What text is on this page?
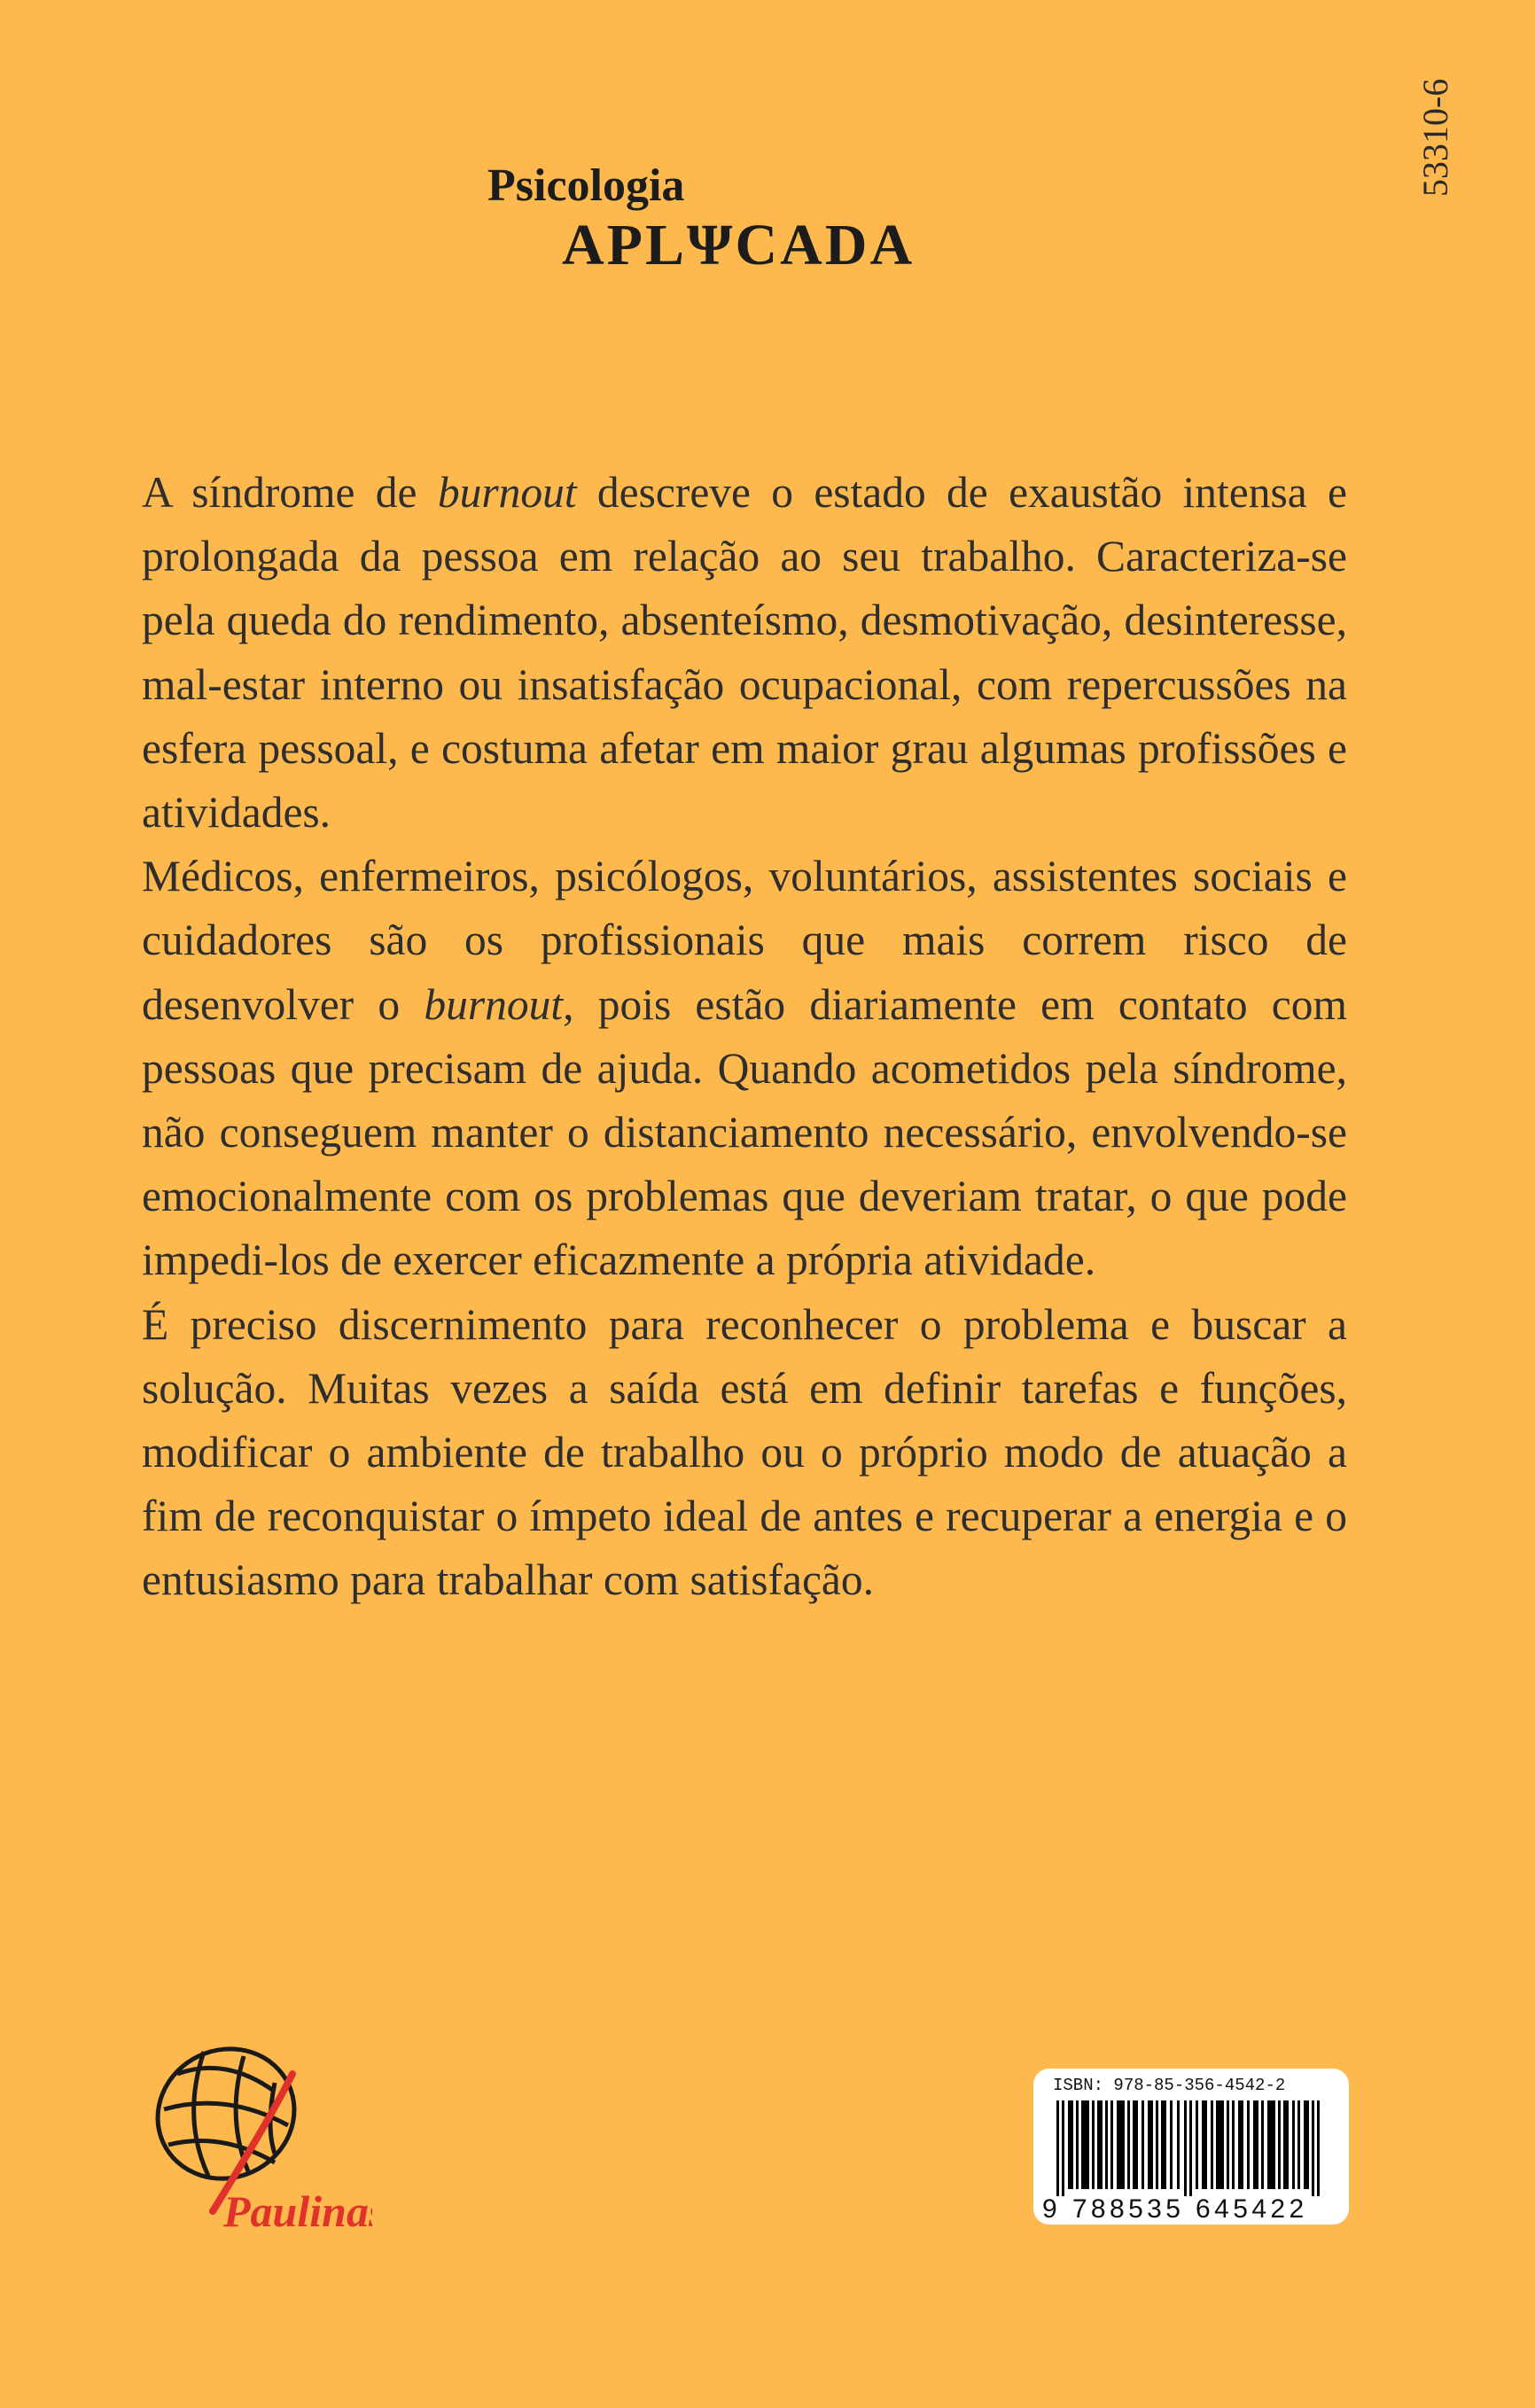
Psicologia
APLΨCADA
53310-6

A síndrome de burnout descreve o estado de exaustão intensa e prolongada da pessoa em relação ao seu trabalho. Caracteriza-se pela queda do rendimento, absenteísmo, desmotivação, desinteresse, mal-estar interno ou insatisfação ocupacional, com repercussões na esfera pessoal, e costuma afetar em maior grau algumas profissões e atividades.

Médicos, enfermeiros, psicólogos, voluntários, assistentes sociais e cuidadores são os profissionais que mais correm risco de desenvolver o burnout, pois estão diariamente em contato com pessoas que precisam de ajuda. Quando acometidos pela síndrome, não conseguem manter o distanciamento necessário, envolvendo-se emocionalmente com os problemas que deveriam tratar, o que pode impedi-los de exercer eficazmente a própria atividade.

É preciso discernimento para reconhecer o problema e buscar a solução. Muitas vezes a saída está em definir tarefas e funções, modificar o ambiente de trabalho ou o próprio modo de atuação a fim de reconquistar o ímpeto ideal de antes e recuperar a energia e o entusiasmo para trabalhar com satisfação.

Paulinas
ISBN: 978-85-356-4542-2
9 788535 645422
